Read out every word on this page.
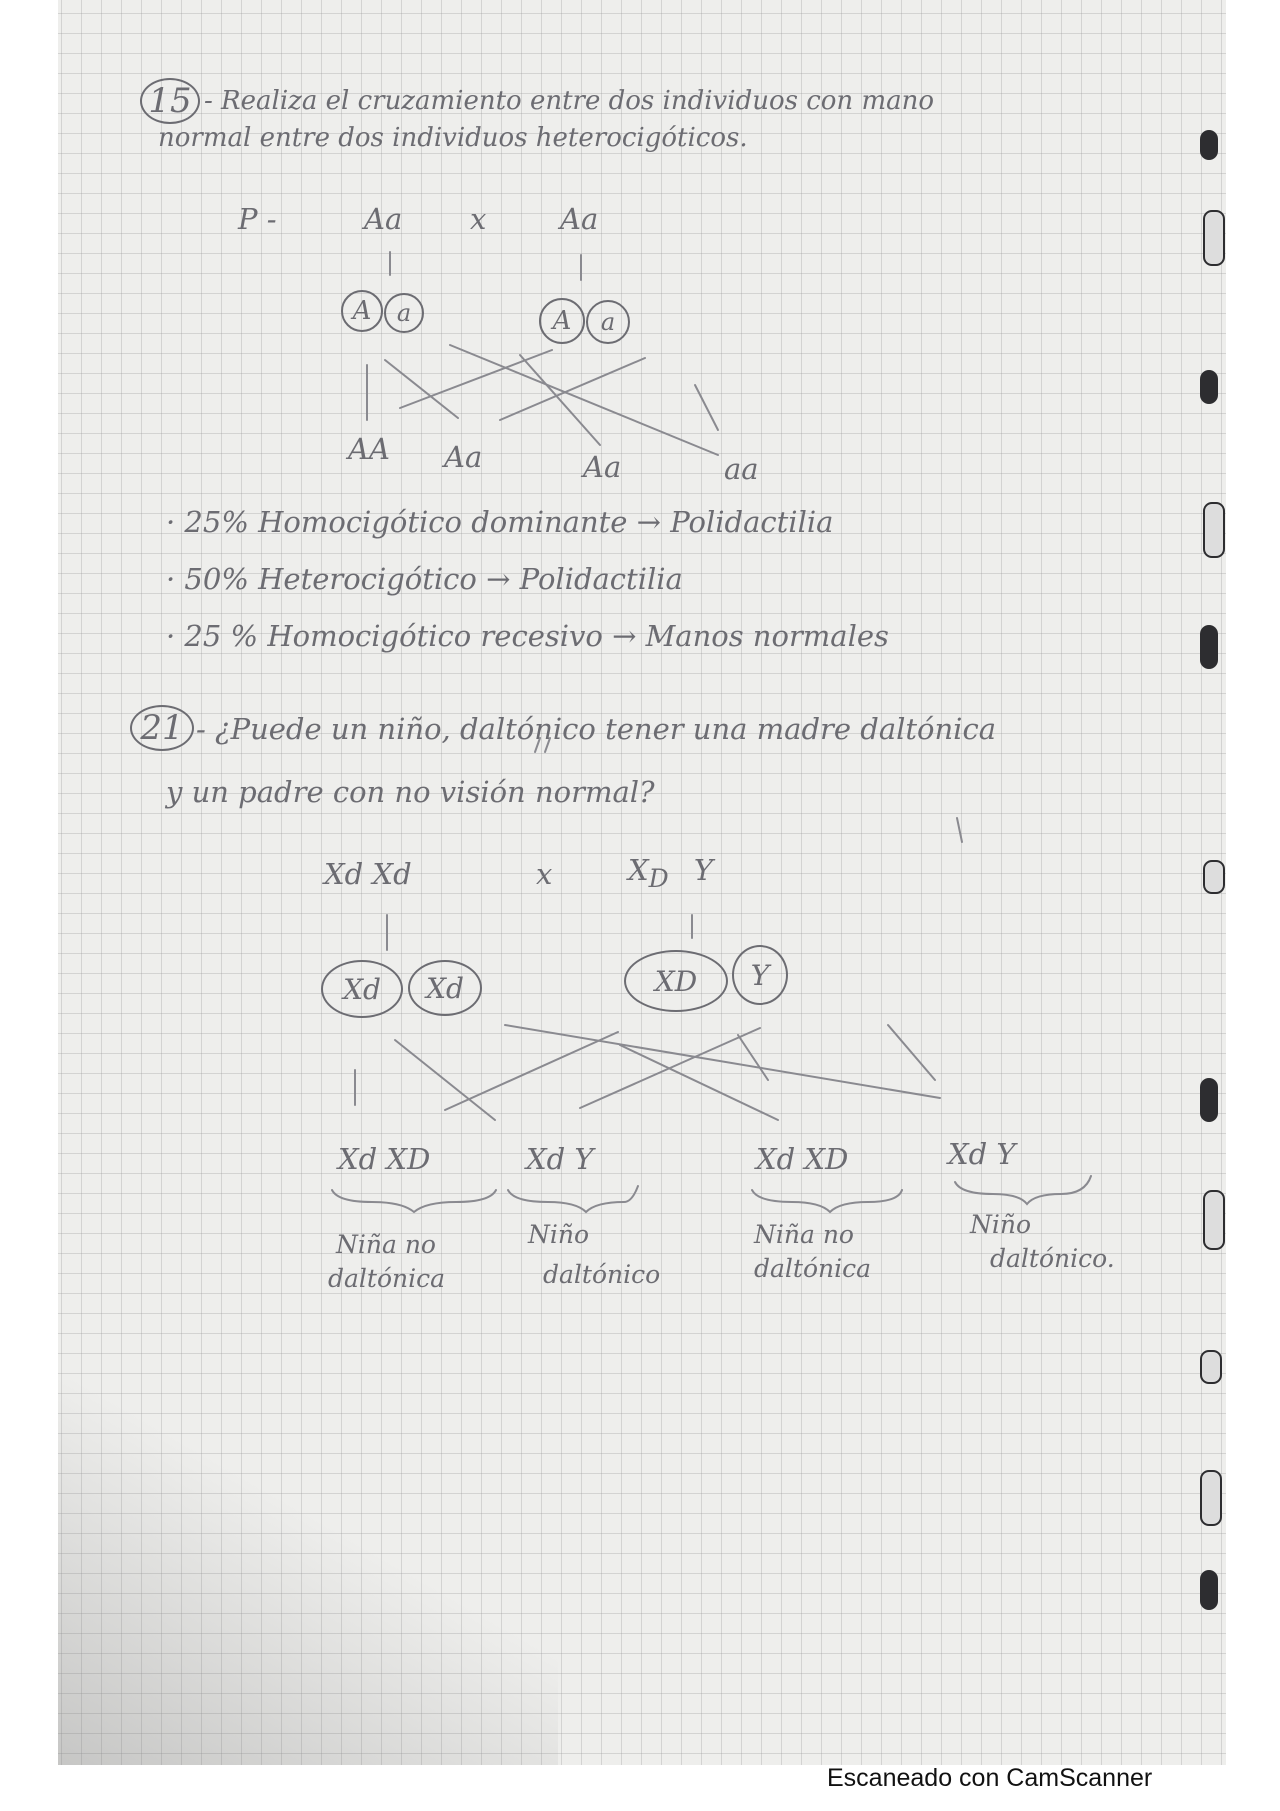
15 - Realiza el cruzamiento entre dos individuos con mano
normal entre dos individuos heterocigóticos.
P -	Aa x	Aa
A	a	A	a
AA Aa	Aa	aa
· 25% Homocigótico dominante → Polidactilia
· 50% Heterocigótico → Polidactilia
· 25 % Homocigótico recesivo → Manos normales
21 - ¿Puede un niño, daltónico tener una madre daltónica
y un padre con no visión normal?
Xd Xd	x	$X_D$ Y
Xd	Xd	XD	Y
Xd XD	Xd Y	Xd XD	Xd Y
Niña no
daltónica
Niño
daltónico
Niña no
daltónica
Niño
daltónico.
Escaneado con CamScanner
